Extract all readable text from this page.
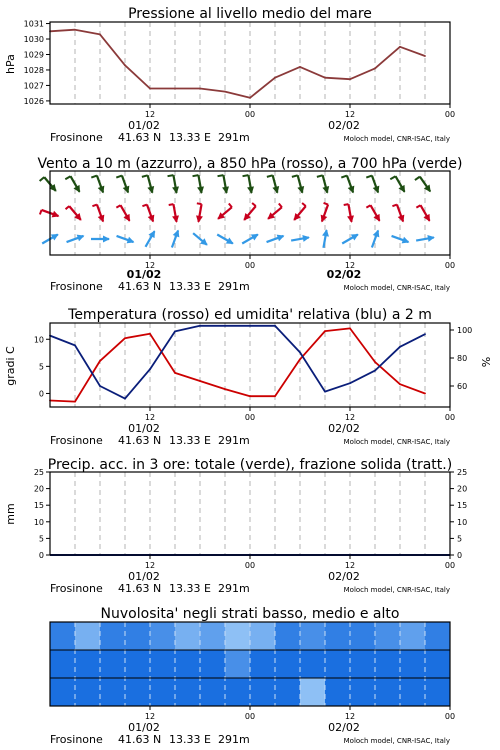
Pressione al livello medio del mare
1026
1027
1028
1029
1030
1031
hPa
12	00	12	00
01/02	02/02
Frosinone 41.63 N 13.33 E 291m	Moloch model, CNR-ISAC, Italy
Vento a 10 m (azzurro), a 850 hPa (rosso), a 700 hPa (verde)
12	00	12	00
01/02	02/02
Frosinone 41.63 N 13.33 E 291m	Moloch model, CNR-ISAC, Italy
Temperatura (rosso) ed umidita' relativa (blu) a 2 m
0
5
10
60
80
100
gradi C	%
12	00	12	00
01/02	02/02
Frosinone 41.63 N 13.33 E 291m	Moloch model, CNR-ISAC, Italy
Precip. acc. in 3 ore: totale (verde), frazione solida (tratt.)
0
5
10
15
20
25
0
5
10
15
20
25
mm
12	00	12	00
01/02	02/02
Frosinone 41.63 N 13.33 E 291m	Moloch model, CNR-ISAC, Italy
Nuvolosita' negli strati basso, medio e alto
12	00	12	00
01/02	02/02
Frosinone 41.63 N 13.33 E 291m	Moloch model, CNR-ISAC, Italy
